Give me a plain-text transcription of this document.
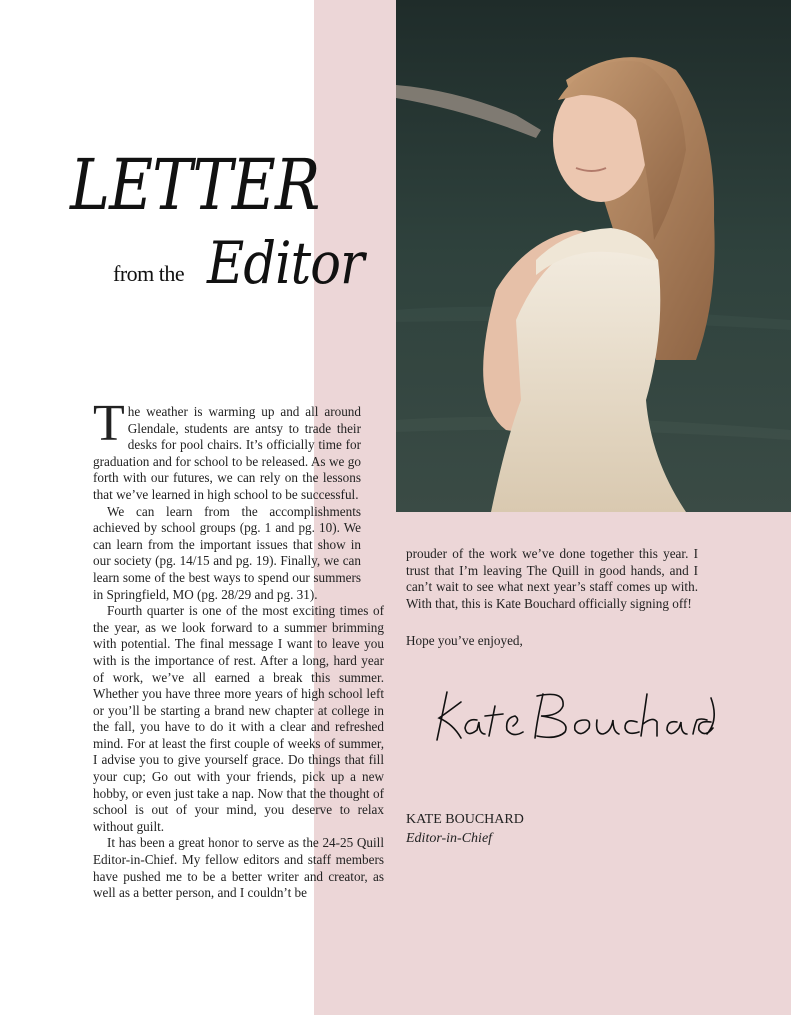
LETTER
from the Editor

The weather is warming up and all around Glendale, students are antsy to trade their desks for pool chairs. It’s officially time for graduation and for school to be released. As we go forth with our futures, we can rely on the lessons that we’ve learned in high school to be successful.

We can learn from the accomplishments achieved by school groups (pg. 1 and pg. 10). We can learn from the important issues that show in our society (pg. 14/15 and pg. 19). Finally, we can learn some of the best ways to spend our summers in Springfield, MO (pg. 28/29 and pg. 31).

Fourth quarter is one of the most exciting times of the year, as we look forward to a summer brimming with potential. The final message I want to leave you with is the importance of rest. After a long, hard year of work, we’ve all earned a break this summer. Whether you have three more years of high school left or you’ll be starting a brand new chapter at college in the fall, you have to do it with a clear and refreshed mind. For at least the first couple of weeks of summer, I advise you to give yourself grace. Do things that fill your cup; Go out with your friends, pick up a new hobby, or even just take a nap. Now that the thought of school is out of your mind, you deserve to relax without guilt.

It has been a great honor to serve as the 24-25 Quill Editor-in-Chief. My fellow editors and staff members have pushed me to be a better writer and creator, as well as a better person, and I couldn’t be

prouder of the work we’ve done together this year. I trust that I’m leaving The Quill in good hands, and I can’t wait to see what next year’s staff comes up with. With that, this is Kate Bouchard officially signing off!

Hope you’ve enjoyed,

KATE BOUCHARD

Editor-in-Chief
